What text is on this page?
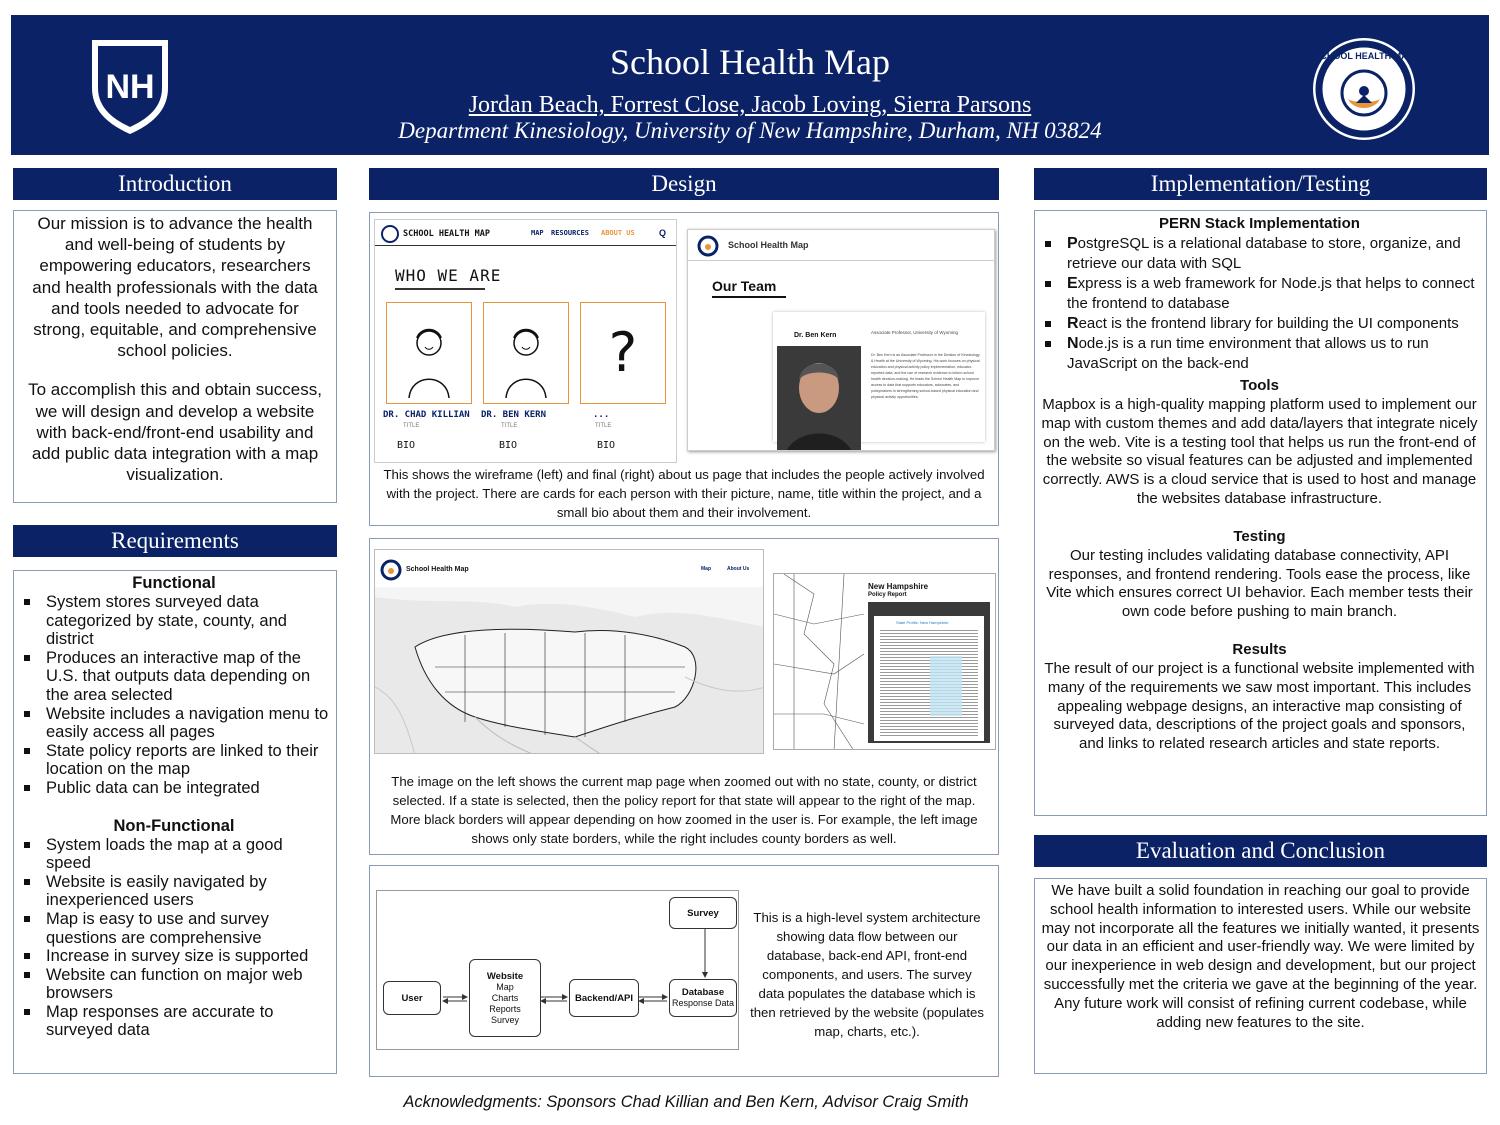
School Health Map
Jordan Beach, Forrest Close, Jacob Loving, Sierra Parsons
Department Kinesiology, University of New Hampshire, Durham, NH 03824
NH
SCHOOL HEALTH MAP
Introduction

Our mission is to advance the health and well-being of students by empowering educators, researchers and health professionals with the data and tools needed to advocate for strong, equitable, and comprehensive school policies.

To accomplish this and obtain success, we will design and develop a website with back-end/front-end usability and add public data integration with a map visualization.

Requirements
Functional
System stores surveyed data categorized by state, county, and district
Produces an interactive map of the U.S. that outputs data depending on the area selected
Website includes a navigation menu to easily access all pages
State policy reports are linked to their location on the map
Public data can be integrated
Non-Functional
System loads the map at a good speed
Website is easily navigated by inexperienced users
Map is easy to use and survey questions are comprehensive
Increase in survey size is supported
Website can function on major web browsers
Map responses are accurate to surveyed data
Design
SCHOOL HEALTH MAP	MAP RESOURCES ABOUT US	Q
WHO WE ARE
?
DR. CHAD KILLIAN DR. BEN KERN	...
TITLE	TITLE	TITLE
BIO	BIO	BIO
School Health Map
Our Team
Dr. Ben Kern	Associate Professor, University of Wyoming
Dr. Ben Kern is an Associate Professor in the Division of Kinesiology & Health at the University of Wyoming. His work focuses on physical education and physical activity policy implementation, educator-reported data, and the use of research evidence to inform school health decision-making. He leads the School Health Map to improve access to data that supports educators, advocates, and policymakers in strengthening school-based physical education and physical activity opportunities.

This shows the wireframe (left) and final (right) about us page that includes the people actively involved with the project. There are cards for each person with their picture, name, title within the project, and a small bio about them and their involvement.

School Health Map	Map	About Us
New Hampshire
Policy Report
State Profile: New Hampshire

The image on the left shows the current map page when zoomed out with no state, county, or district selected. If a state is selected, then the policy report for that state will appear to the right of the map. More black borders will appear depending on how zoomed in the user is. For example, the left image shows only state borders, while the right includes county borders as well.

User
Website
Map
Charts
Reports
Survey
Backend/API	Database
Response Data
Survey	This is a high-level system architecture showing data flow between our database, back-end API, front-end components, and users. The survey data populates the database which is then retrieved by the website (populates map, charts, etc.).

Implementation/Testing
PERN Stack Implementation
PostgreSQL is a relational database to store, organize, and retrieve our data with SQL
Express is a web framework for Node.js that helps to connect the frontend to database
React is the frontend library for building the UI components
Node.js is a run time environment that allows us to run JavaScript on the back-end
Tools

Mapbox is a high-quality mapping platform used to implement our map with custom themes and add data/layers that integrate nicely on the web. Vite is a testing tool that helps us run the front-end of the website so visual features can be adjusted and implemented correctly. AWS is a cloud service that is used to host and manage the websites database infrastructure.

Testing

Our testing includes validating database connectivity, API responses, and frontend rendering. Tools ease the process, like Vite which ensures correct UI behavior. Each member tests their own code before pushing to main branch.

Results

The result of our project is a functional website implemented with many of the requirements we saw most important. This includes appealing webpage designs, an interactive map consisting of surveyed data, descriptions of the project goals and sponsors, and links to related research articles and state reports.

Evaluation and Conclusion

We have built a solid foundation in reaching our goal to provide school health information to interested users. While our website may not incorporate all the features we initially wanted, it presents our data in an efficient and user-friendly way. We were limited by our inexperience in web design and development, but our project successfully met the criteria we gave at the beginning of the year. Any future work will consist of refining current codebase, while adding new features to the site.

Acknowledgments: Sponsors Chad Killian and Ben Kern, Advisor Craig Smith
